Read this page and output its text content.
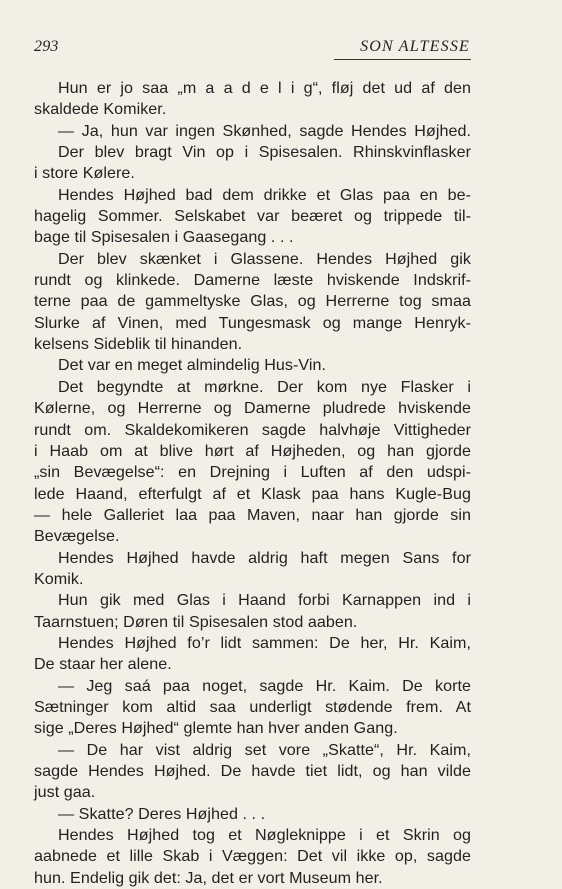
293	SON ALTESSE
Hun er jo saa „m a a d e l i g“, fløj det ud af den
skaldede Komiker.
— Ja, hun var ingen Skønhed, sagde Hendes Højhed.
Der blev bragt Vin op i Spisesalen. Rhinskvinflasker
i store Kølere.
Hendes Højhed bad dem drikke et Glas paa en be-
hagelig Sommer. Selskabet var beæret og trippede til-
bage til Spisesalen i Gaasegang . . .
Der blev skænket i Glassene. Hendes Højhed gik
rundt og klinkede. Damerne læste hviskende Indskrif-
terne paa de gammeltyske Glas, og Herrerne tog smaa
Slurke af Vinen, med Tungesmask og mange Henryk-
kelsens Sideblik til hinanden.
Det var en meget almindelig Hus-Vin.
Det begyndte at mørkne. Der kom nye Flasker i
Kølerne, og Herrerne og Damerne pludrede hviskende
rundt om. Skaldekomikeren sagde halvhøje Vittigheder
i Haab om at blive hørt af Højheden, og han gjorde
„sin Bevægelse“: en Drejning i Luften af den udspi-
lede Haand, efterfulgt af et Klask paa hans Kugle-Bug
— hele Galleriet laa paa Maven, naar han gjorde sin
Bevægelse.
Hendes Højhed havde aldrig haft megen Sans for
Komik.
Hun gik med Glas i Haand forbi Karnappen ind i
Taarnstuen; Døren til Spisesalen stod aaben.
Hendes Højhed fo’r lidt sammen: De her, Hr. Kaim,
De staar her alene.
— Jeg saá paa noget, sagde Hr. Kaim. De korte
Sætninger kom altid saa underligt stødende frem. At
sige „Deres Højhed“ glemte han hver anden Gang.
— De har vist aldrig set vore „Skatte“, Hr. Kaim,
sagde Hendes Højhed. De havde tiet lidt, og han vilde
just gaa.
— Skatte? Deres Højhed . . .
Hendes Højhed tog et Nøgleknippe i et Skrin og
aabnede et lille Skab i Væggen: Det vil ikke op, sagde
hun. Endelig gik det: Ja, det er vort Museum her.
